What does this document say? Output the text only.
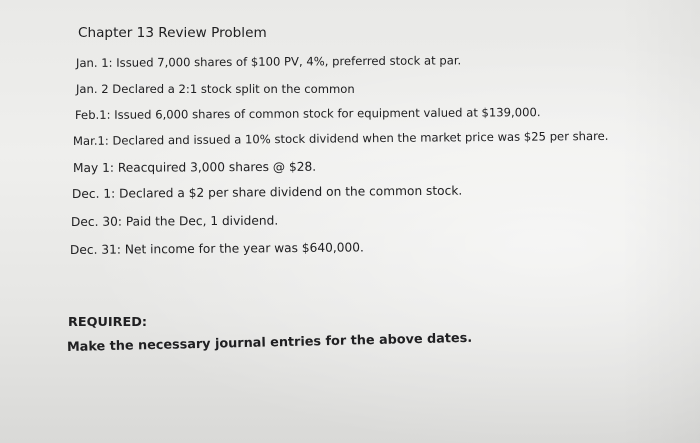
Chapter 13 Review Problem
Jan. 1: Issued 7,000 shares of $100 PV, 4%, preferred stock at par.
Jan. 2 Declared a 2:1 stock split on the common
Feb.1: Issued 6,000 shares of common stock for equipment valued at $139,000.
Mar.1: Declared and issued a 10% stock dividend when the market price was $25 per share.
May 1: Reacquired 3,000 shares @ $28.
Dec. 1: Declared a $2 per share dividend on the common stock.
Dec. 30: Paid the Dec, 1 dividend.
Dec. 31: Net income for the year was $640,000.
REQUIRED:
Make the necessary journal entries for the above dates.
